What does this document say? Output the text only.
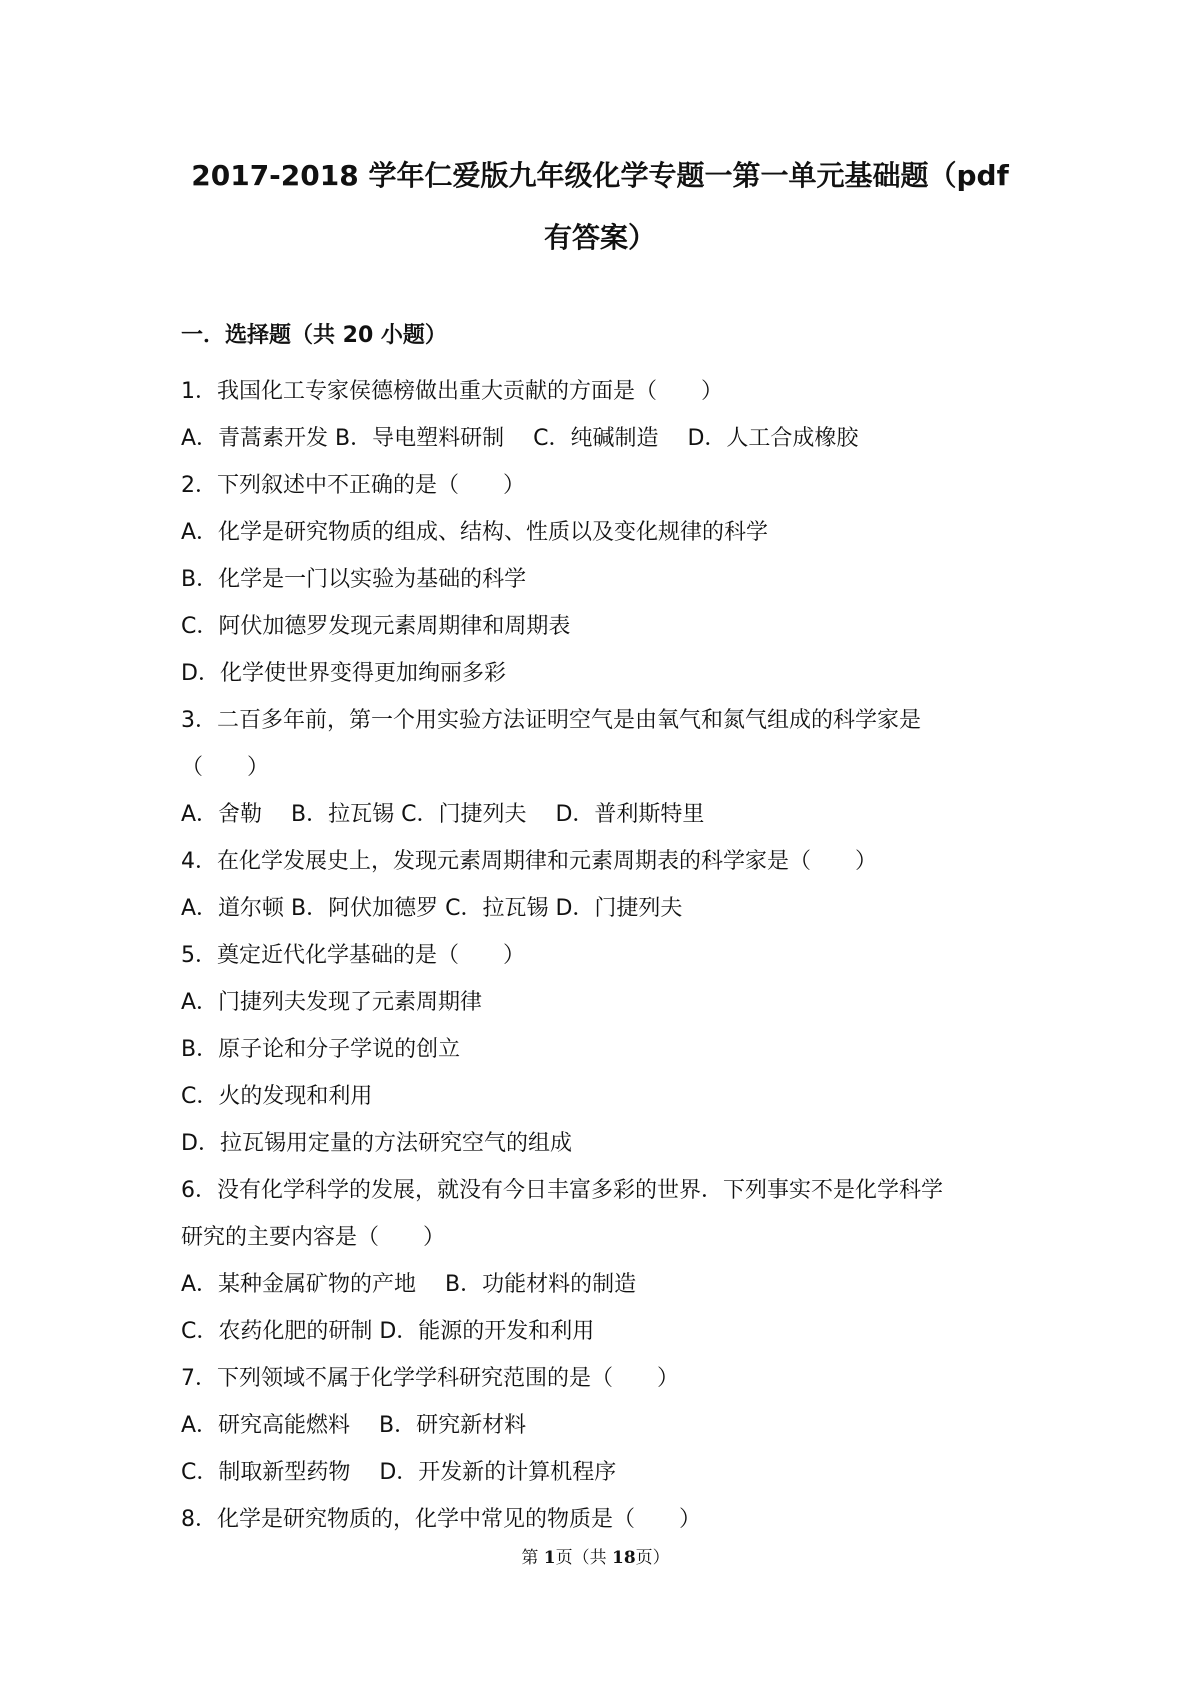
2017-2018 学年仁爱版九年级化学专题一第一单元基础题（pdf
有答案）
一．选择题（共 20 小题）
1．我国化工专家侯德榜做出重大贡献的方面是（　　）
A．青蒿素开发 B．导电塑料研制　 C．纯碱制造　 D．人工合成橡胶
2．下列叙述中不正确的是（　　）
A．化学是研究物质的组成、结构、性质以及变化规律的科学
B．化学是一门以实验为基础的科学
C．阿伏加德罗发现元素周期律和周期表
D．化学使世界变得更加绚丽多彩
3．二百多年前，第一个用实验方法证明空气是由氧气和氮气组成的科学家是
（　　）
A．舍勒　 B．拉瓦锡 C．门捷列夫　 D．普利斯特里
4．在化学发展史上，发现元素周期律和元素周期表的科学家是（　　）
A．道尔顿 B．阿伏加德罗 C．拉瓦锡 D．门捷列夫
5．奠定近代化学基础的是（　　）
A．门捷列夫发现了元素周期律
B．原子论和分子学说的创立
C．火的发现和利用
D．拉瓦锡用定量的方法研究空气的组成
6．没有化学科学的发展，就没有今日丰富多彩的世界．下列事实不是化学科学
研究的主要内容是（　　）
A．某种金属矿物的产地　 B．功能材料的制造
C．农药化肥的研制 D．能源的开发和利用
7．下列领域不属于化学学科研究范围的是（　　）
A．研究高能燃料　 B．研究新材料
C．制取新型药物　 D．开发新的计算机程序
8．化学是研究物质的，化学中常见的物质是（　　）
第 1页（共 18页）
